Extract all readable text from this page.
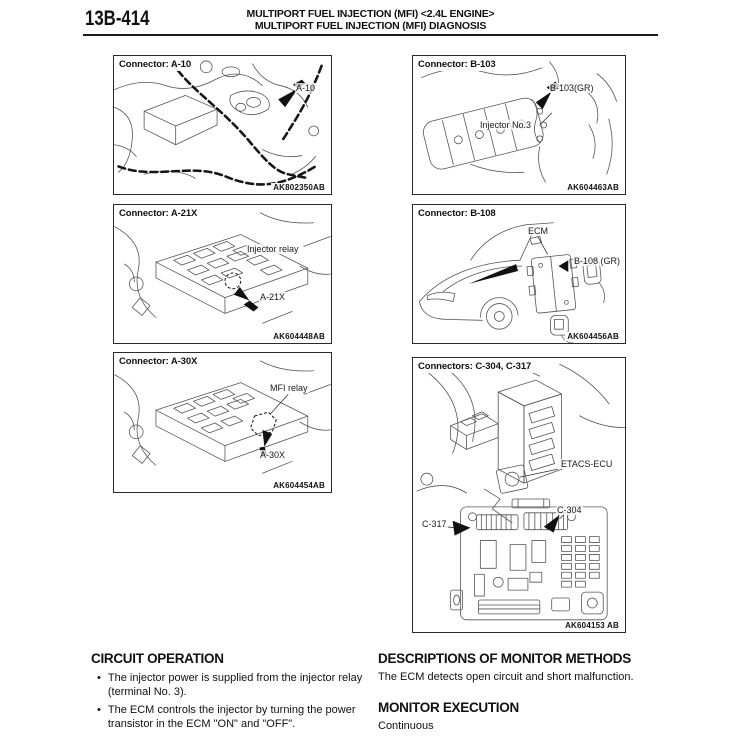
13B-414	MULTIPORT FUEL INJECTION (MFI) <2.4L ENGINE>
MULTIPORT FUEL INJECTION (MFI) DIAGNOSIS
Connector: A-10
A-10
AK802350AB
Connector: A-21X
Injector relay
A-21X
AK604448AB
Connector: A-30X
MFI relay
A-30X
AK604454AB
Connector: B-103
B-103(GR)
Injector No.3
AK604463AB
Connector: B-108
ECM
B-108 (GR)
AK604456AB
Connectors: C-304, C-317
ETACS-ECU
C-317
C-304
AK604153 AB
CIRCUIT OPERATION
• The injector power is supplied from the injector relay (terminal No. 3).
• The ECM controls the injector by turning the power transistor in the ECM "ON" and "OFF".
DESCRIPTIONS OF MONITOR METHODS
The ECM detects open circuit and short malfunction.
MONITOR EXECUTION
Continuous
